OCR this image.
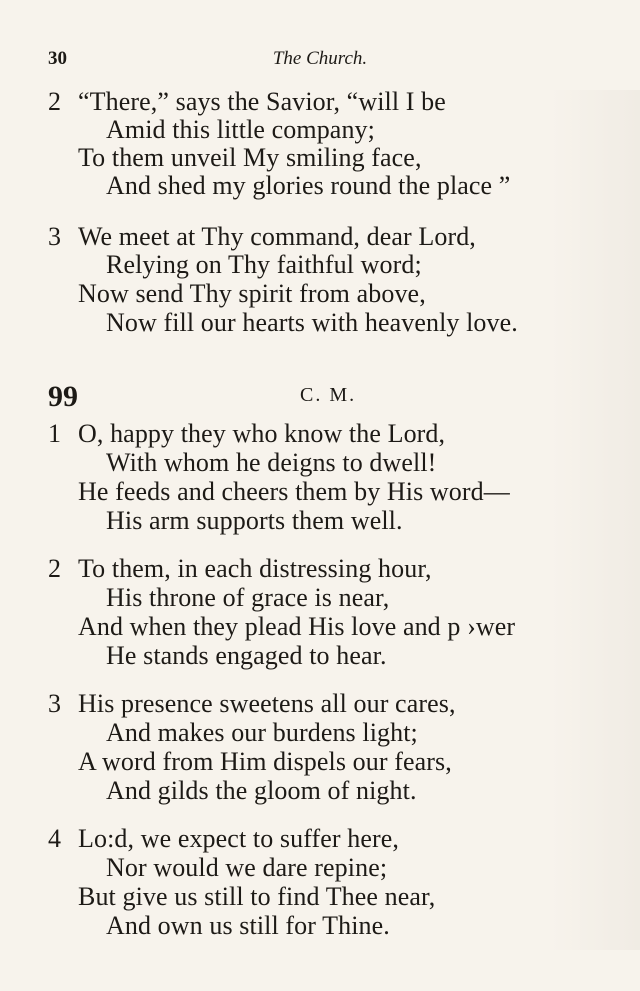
30	The Church.
2 “There,” says the Savior, “will I be
Amid this little company;
To them unveil My smiling face,
And shed my glories round the place ”
3 We meet at Thy command, dear Lord,
Relying on Thy faithful word;
Now send Thy spirit from above,
Now fill our hearts with heavenly love.
99	C. M.
1 O, happy they who know the Lord,
With whom he deigns to dwell!
He feeds and cheers them by His word—
His arm supports them well.
2 To them, in each distressing hour,
His throne of grace is near,
And when they plead His love and p ›wer
He stands engaged to hear.
3 His presence sweetens all our cares,
And makes our burdens light;
A word from Him dispels our fears,
And gilds the gloom of night.
4 Lo:d, we expect to suffer here,
Nor would we dare repine;
But give us still to find Thee near,
And own us still for Thine.
